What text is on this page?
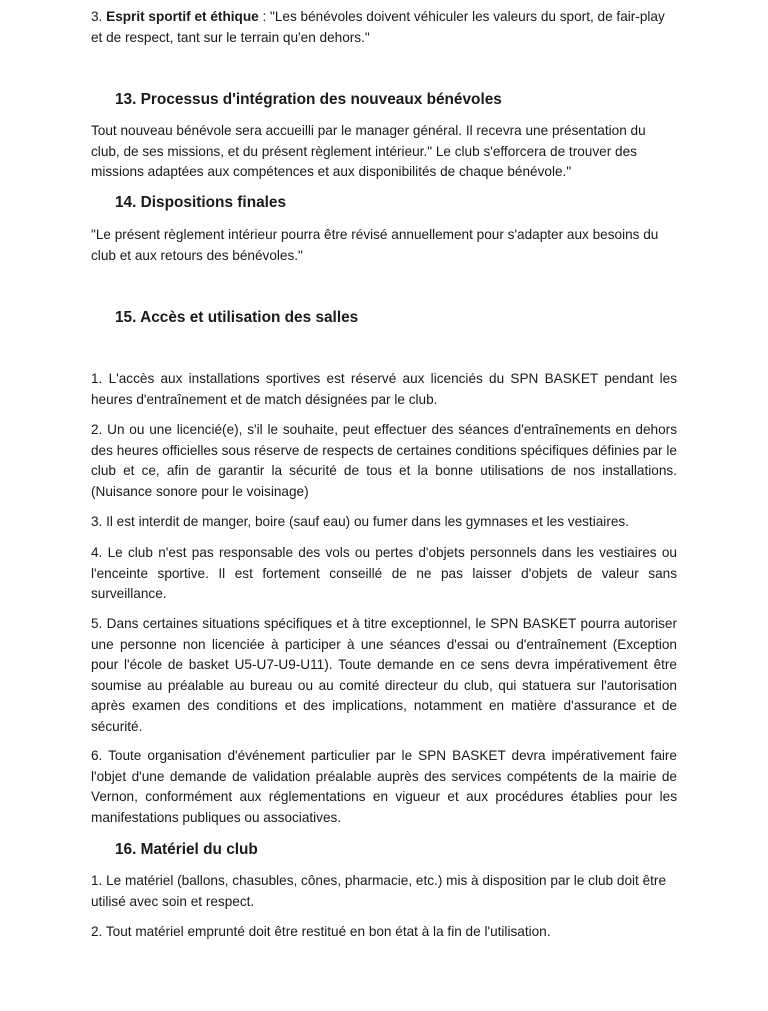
3. Esprit sportif et éthique : "Les bénévoles doivent véhiculer les valeurs du sport, de fair-play et de respect, tant sur le terrain qu'en dehors."

13. Processus d'intégration des nouveaux bénévoles

Tout nouveau bénévole sera accueilli par le manager général. Il recevra une présentation du club, de ses missions, et du présent règlement intérieur." Le club s'efforcera de trouver des missions adaptées aux compétences et aux disponibilités de chaque bénévole."

14. Dispositions finales

"Le présent règlement intérieur pourra être révisé annuellement pour s'adapter aux besoins du club et aux retours des bénévoles."

15. Accès et utilisation des salles

1. L'accès aux installations sportives est réservé aux licenciés du SPN BASKET pendant les heures d'entraînement et de match désignées par le club.

2. Un ou une licencié(e), s'il le souhaite, peut effectuer des séances d'entraînements en dehors des heures officielles sous réserve de respects de certaines conditions spécifiques définies par le club et ce, afin de garantir la sécurité de tous et la bonne utilisations de nos installations. (Nuisance sonore pour le voisinage)

3. Il est interdit de manger, boire (sauf eau) ou fumer dans les gymnases et les vestiaires.

4. Le club n'est pas responsable des vols ou pertes d'objets personnels dans les vestiaires ou l'enceinte sportive. Il est fortement conseillé de ne pas laisser d'objets de valeur sans surveillance.

5. Dans certaines situations spécifiques et à titre exceptionnel, le SPN BASKET pourra autoriser une personne non licenciée à participer à une séances d'essai ou d'entraînement (Exception pour l'école de basket U5-U7-U9-U11). Toute demande en ce sens devra impérativement être soumise au préalable au bureau ou au comité directeur du club, qui statuera sur l'autorisation après examen des conditions et des implications, notamment en matière d'assurance et de sécurité.

6. Toute organisation d'événement particulier par le SPN BASKET devra impérativement faire l'objet d'une demande de validation préalable auprès des services compétents de la mairie de Vernon, conformément aux réglementations en vigueur et aux procédures établies pour les manifestations publiques ou associatives.

16. Matériel du club

1. Le matériel (ballons, chasubles, cônes, pharmacie, etc.) mis à disposition par le club doit être utilisé avec soin et respect.

2. Tout matériel emprunté doit être restitué en bon état à la fin de l'utilisation.
